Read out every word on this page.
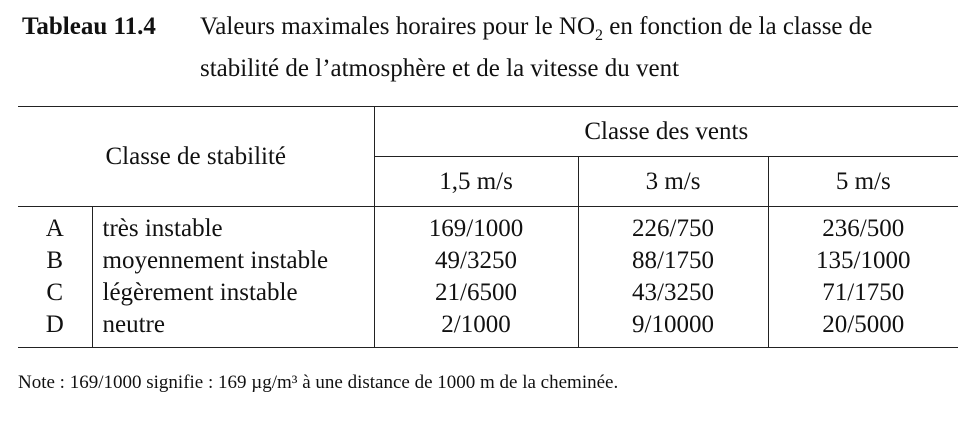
Tableau 11.4 Valeurs maximales horaires pour le $NO_2$ en fonction de la classe de
stabilité de l’atmosphère et de la vitesse du vent
Classe de stabilité		Classe des vents		
		1,5 m/s	3 m/s	5 m/s
A	très instable	169/1000	226/750	236/500
B	moyennement instable	49/3250	88/1750	135/1000
C	légèrement instable	21/6500	43/3250	71/1750
D	neutre	2/1000	9/10000	20/5000
Note : 169/1000 signifie : 169 µg/m³ à une distance de 1000 m de la cheminée.
